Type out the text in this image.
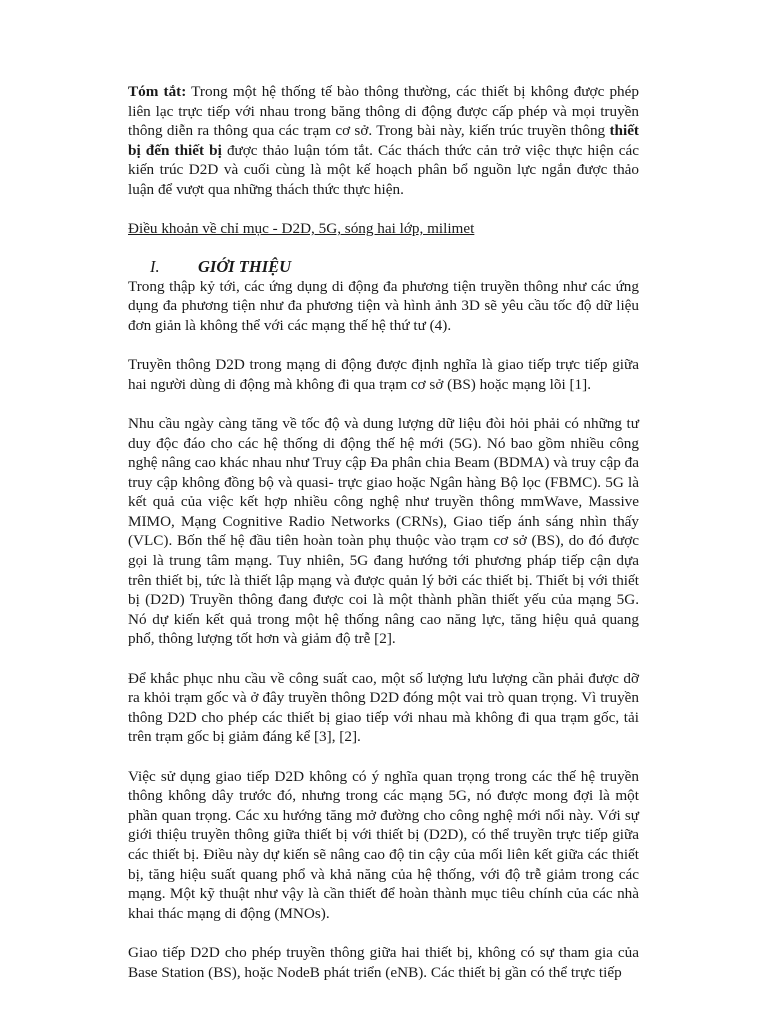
Tóm tắt: Trong một hệ thống tế bào thông thường, các thiết bị không được phép liên lạc trực tiếp với nhau trong băng thông di động được cấp phép và mọi truyền thông diễn ra thông qua các trạm cơ sở. Trong bài này, kiến trúc truyền thông thiết bị đến thiết bị được thảo luận tóm tắt. Các thách thức cản trở việc thực hiện các kiến trúc D2D và cuối cùng là một kế hoạch phân bổ nguồn lực ngắn được thảo luận để vượt qua những thách thức thực hiện.

Điều khoản về chỉ mục - D2D, 5G, sóng hai lớp, milimet

I. GIỚI THIỆU

Trong thập kỷ tới, các ứng dụng di động đa phương tiện truyền thông như các ứng dụng đa phương tiện như đa phương tiện và hình ảnh 3D sẽ yêu cầu tốc độ dữ liệu đơn giản là không thể với các mạng thế hệ thứ tư (4).

Truyền thông D2D trong mạng di động được định nghĩa là giao tiếp trực tiếp giữa hai người dùng di động mà không đi qua trạm cơ sở (BS) hoặc mạng lõi [1].

Nhu cầu ngày càng tăng về tốc độ và dung lượng dữ liệu đòi hỏi phải có những tư duy độc đáo cho các hệ thống di động thế hệ mới (5G). Nó bao gồm nhiều công nghệ nâng cao khác nhau như Truy cập Đa phân chia Beam (BDMA) và truy cập đa truy cập không đồng bộ và quasi- trực giao hoặc Ngân hàng Bộ lọc (FBMC). 5G là kết quả của việc kết hợp nhiều công nghệ như truyền thông mmWave, Massive MIMO, Mạng Cognitive Radio Networks (CRNs), Giao tiếp ánh sáng nhìn thấy (VLC). Bốn thế hệ đầu tiên hoàn toàn phụ thuộc vào trạm cơ sở (BS), do đó được gọi là trung tâm mạng. Tuy nhiên, 5G đang hướng tới phương pháp tiếp cận dựa trên thiết bị, tức là thiết lập mạng và được quản lý bởi các thiết bị. Thiết bị với thiết bị (D2D) Truyền thông đang được coi là một thành phần thiết yếu của mạng 5G. Nó dự kiến kết quả trong một hệ thống nâng cao năng lực, tăng hiệu quả quang phổ, thông lượng tốt hơn và giảm độ trễ [2].

Để khắc phục nhu cầu về công suất cao, một số lượng lưu lượng cần phải được dỡ ra khỏi trạm gốc và ở đây truyền thông D2D đóng một vai trò quan trọng. Vì truyền thông D2D cho phép các thiết bị giao tiếp với nhau mà không đi qua trạm gốc, tải trên trạm gốc bị giảm đáng kể [3], [2].

Việc sử dụng giao tiếp D2D không có ý nghĩa quan trọng trong các thế hệ truyền thông không dây trước đó, nhưng trong các mạng 5G, nó được mong đợi là một phần quan trọng. Các xu hướng tăng mở đường cho công nghệ mới nổi này. Với sự giới thiệu truyền thông giữa thiết bị với thiết bị (D2D), có thể truyền trực tiếp giữa các thiết bị. Điều này dự kiến sẽ nâng cao độ tin cậy của mối liên kết giữa các thiết bị, tăng hiệu suất quang phổ và khả năng của hệ thống, với độ trễ giảm trong các mạng. Một kỹ thuật như vậy là cần thiết để hoàn thành mục tiêu chính của các nhà khai thác mạng di động (MNOs).

Giao tiếp D2D cho phép truyền thông giữa hai thiết bị, không có sự tham gia của Base Station (BS), hoặc NodeB phát triển (eNB). Các thiết bị gần có thể trực tiếp
